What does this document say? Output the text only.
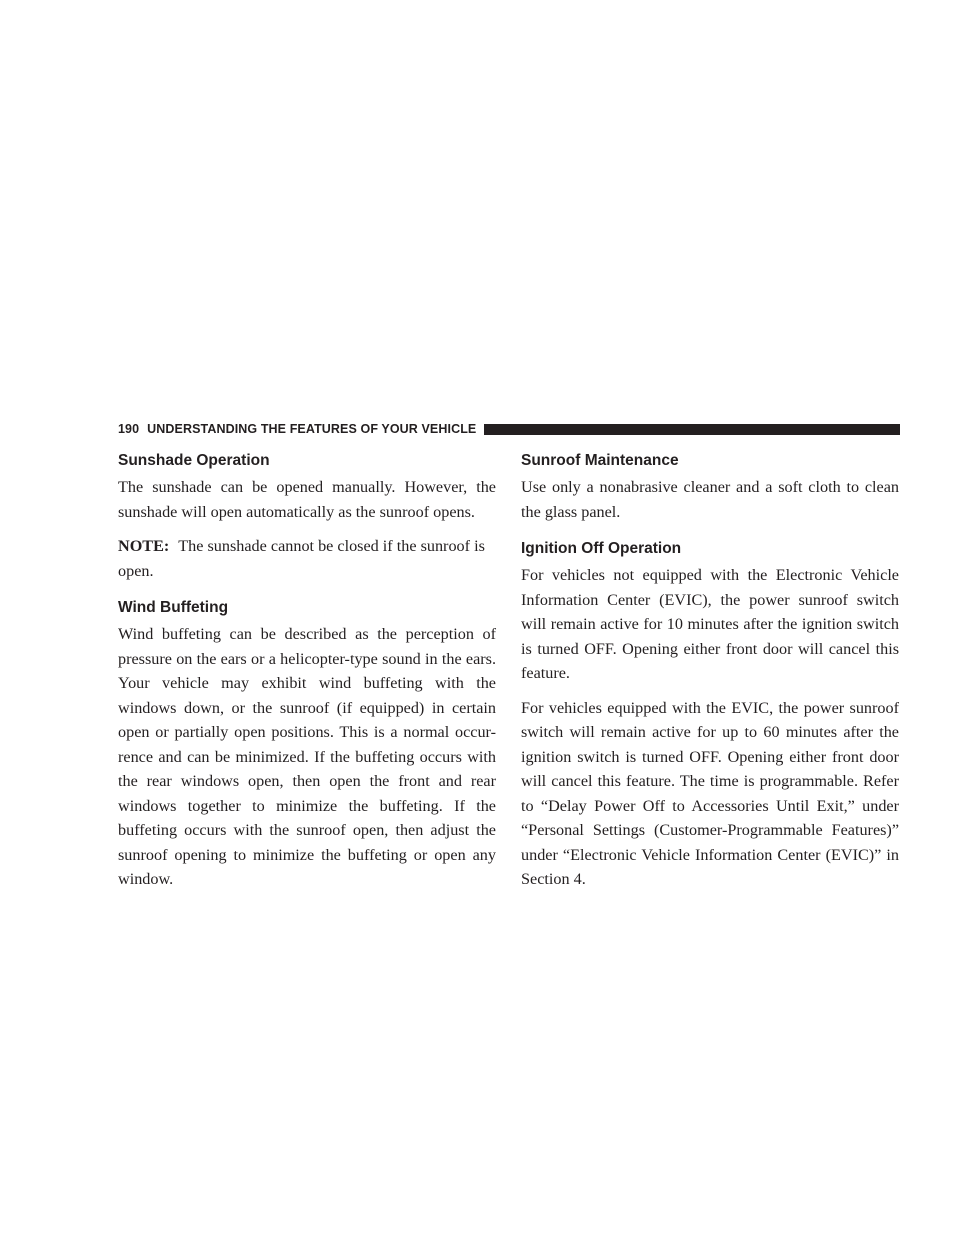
190 UNDERSTANDING THE FEATURES OF YOUR VEHICLE
Sunshade Operation

The sunshade can be opened manually. However, the sunshade will open automatically as the sunroof opens.

NOTE: The sunshade cannot be closed if the sunroof is open.

Wind Buffeting

Wind buffeting can be described as the perception of pressure on the ears or a helicopter-type sound in the ears. Your vehicle may exhibit wind buffeting with the windows down, or the sunroof (if equipped) in certain open or partially open positions. This is a normal occur-rence and can be minimized. If the buffeting occurs with the rear windows open, then open the front and rear windows together to minimize the buffeting. If the buffeting occurs with the sunroof open, then adjust the sunroof opening to minimize the buffeting or open any window.

Sunroof Maintenance

Use only a nonabrasive cleaner and a soft cloth to clean the glass panel.

Ignition Off Operation

For vehicles not equipped with the Electronic Vehicle Information Center (EVIC), the power sunroof switch will remain active for 10 minutes after the ignition switch is turned OFF. Opening either front door will cancel this feature.

For vehicles equipped with the EVIC, the power sunroof switch will remain active for up to 60 minutes after the ignition switch is turned OFF. Opening either front door will cancel this feature. The time is programmable. Refer to “Delay Power Off to Accessories Until Exit,” under “Personal Settings (Customer-Programmable Features)” under “Electronic Vehicle Information Center (EVIC)” in Section 4.
